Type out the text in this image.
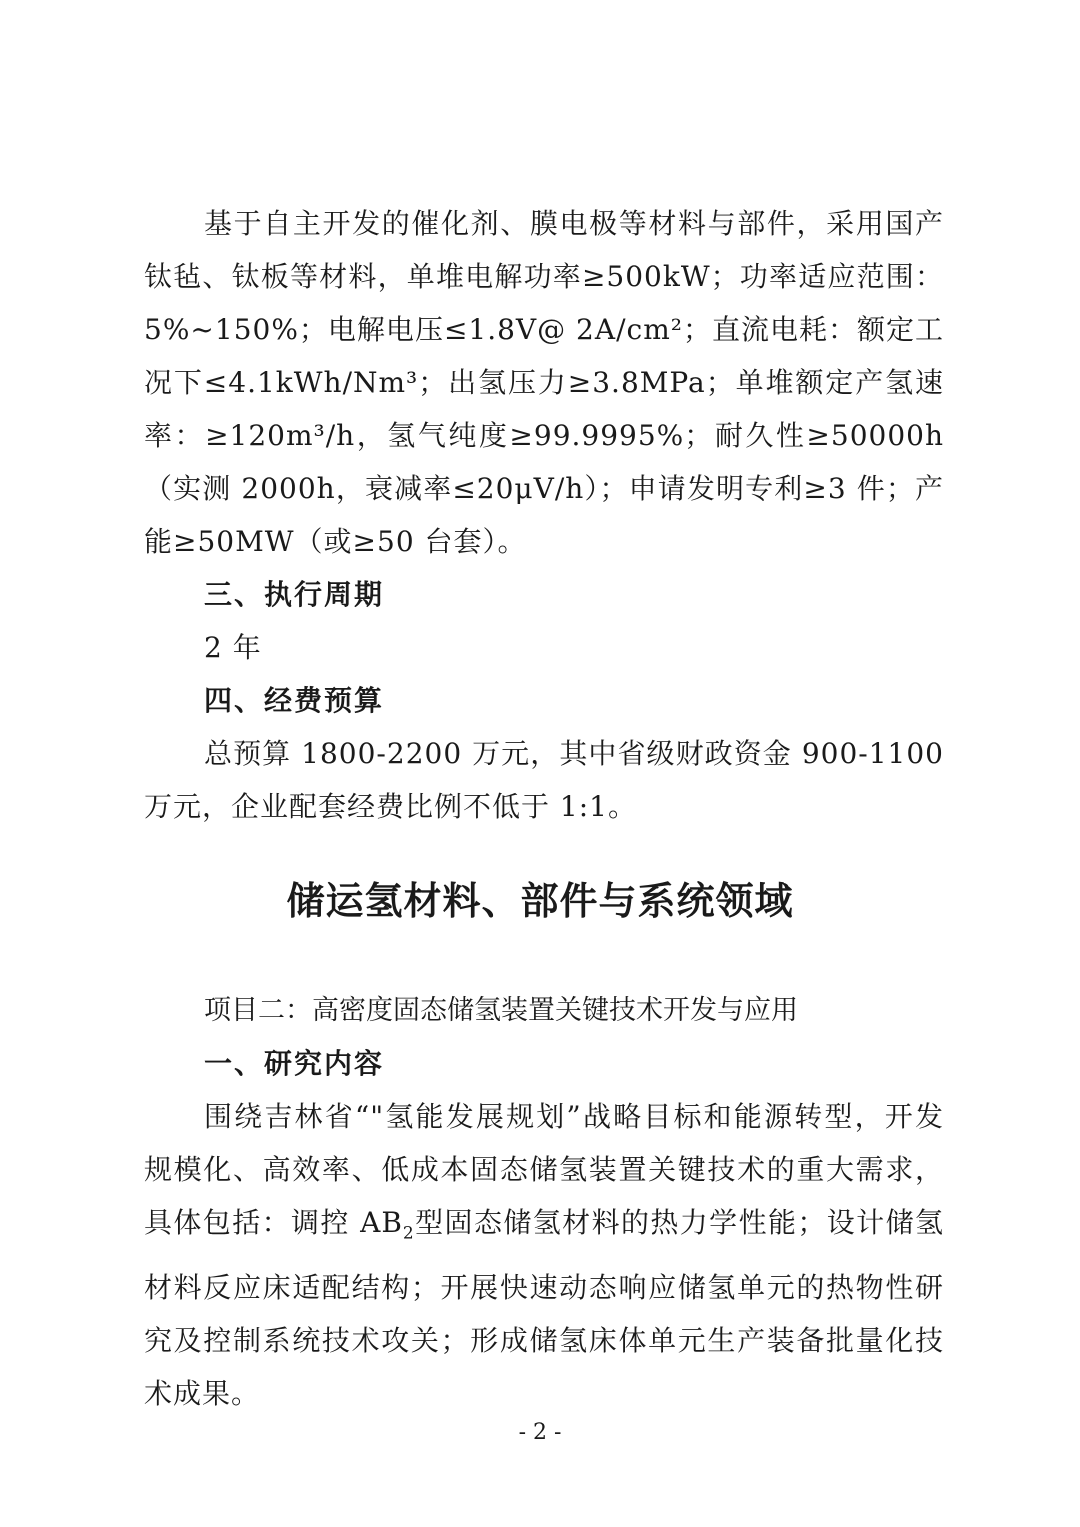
基于自主开发的催化剂、膜电极等材料与部件，采用国产钛毡、钛板等材料，单堆电解功率≥500kW；功率适应范围：5%~150%；电解电压≤1.8V@ 2A/cm²；直流电耗：额定工况下≤4.1kWh/Nm³；出氢压力≥3.8MPa；单堆额定产氢速率：≥120m³/h，氢气纯度≥99.9995%；耐久性≥50000h（实测 2000h，衰减率≤20μV/h）；申请发明专利≥3 件；产能≥50MW（或≥50 台套）。

三、执行周期

2 年

四、经费预算

总预算 1800-2200 万元，其中省级财政资金 900-1100 万元，企业配套经费比例不低于 1:1。

储运氢材料、部件与系统领域

项目二：高密度固态储氢装置关键技术开发与应用

一、研究内容

围绕吉林省“"氢能发展规划”战略目标和能源转型，开发规模化、高效率、低成本固态储氢装置关键技术的重大需求，具体包括：调控 $AB_2$型固态储氢材料的热力学性能；设计储氢材料反应床适配结构；开展快速动态响应储氢单元的热物性研究及控制系统技术攻关；形成储氢床体单元生产装备批量化技术成果。

- 2 -
